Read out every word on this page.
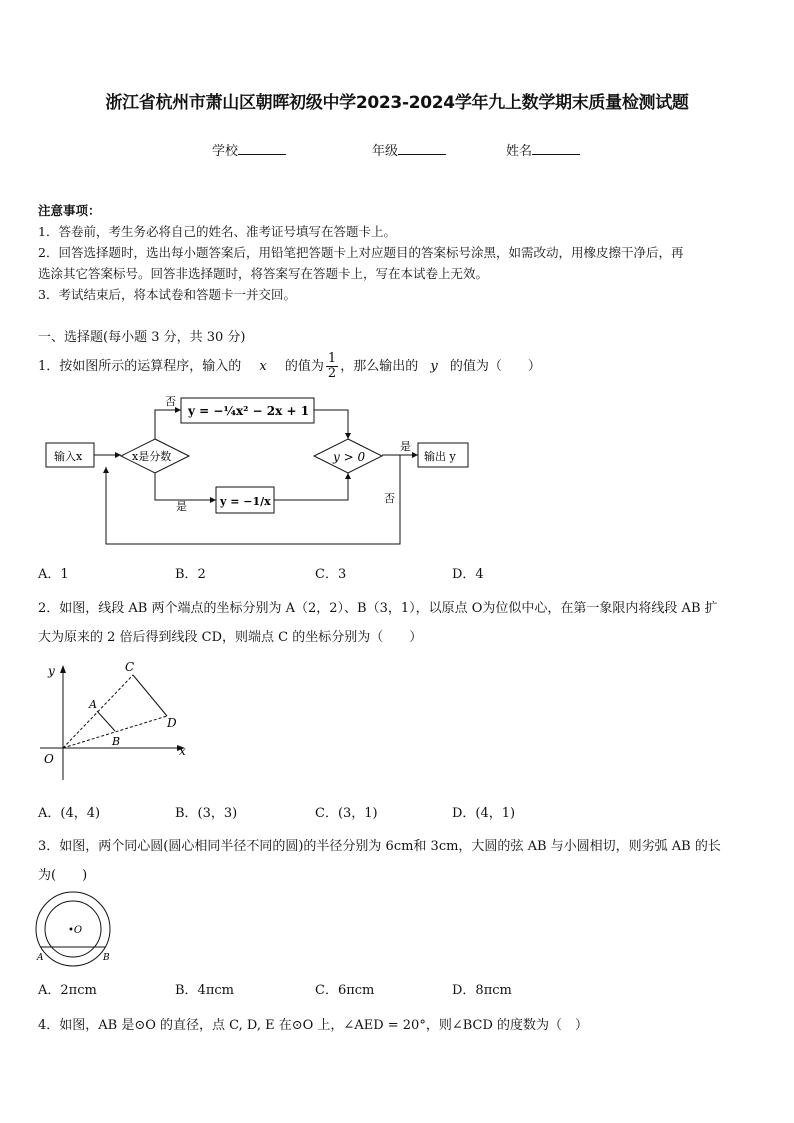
浙江省杭州市萧山区朝晖初级中学2023-2024学年九上数学期末质量检测试题
学校	年级	姓名
注意事项：
1．答卷前，考生务必将自己的姓名、准考证号填写在答题卡上。
2．回答选择题时，选出每小题答案后，用铅笔把答题卡上对应题目的答案标号涂黑，如需改动，用橡皮擦干净后，再
选涂其它答案标号。回答非选择题时，将答案写在答题卡上，写在本试卷上无效。
3．考试结束后，将本试卷和答题卡一并交回。
一、选择题(每小题 3 分，共 30 分)
1．按如图所示的运算程序，输入的 x 的值为 $\frac{1}{2}$ ，那么输出的 y 的值为（　　）
输入x	x是分数
否
是
y = −¼x² − 2x + 1
y = −1/x
y > 0
是
否
输出 y
A．1	B．2	C．3	D．4
2．如图，线段 AB 两个端点的坐标分别为 A（2，2）、B（3，1），以原点 O为位似中心，在第一象限内将线段 AB 扩
大为原来的 2 倍后得到线段 CD，则端点 C 的坐标分别为（　　）
y
x
O
A
B
C
D
A．(4，4)	B．(3，3)	C．(3，1)	D．(4，1)
3．如图，两个同心圆(圆心相同半径不同的圆)的半径分别为 6cm和 3cm，大圆的弦 AB 与小圆相切，则劣弧 AB 的长
为(　　)
•O
A	B
A．2πcm	B．4πcm	C．6πcm	D．8πcm
4．如图，AB 是⊙O 的直径，点 C, D, E 在⊙O 上，∠AED = 20°，则∠BCD 的度数为（　）
